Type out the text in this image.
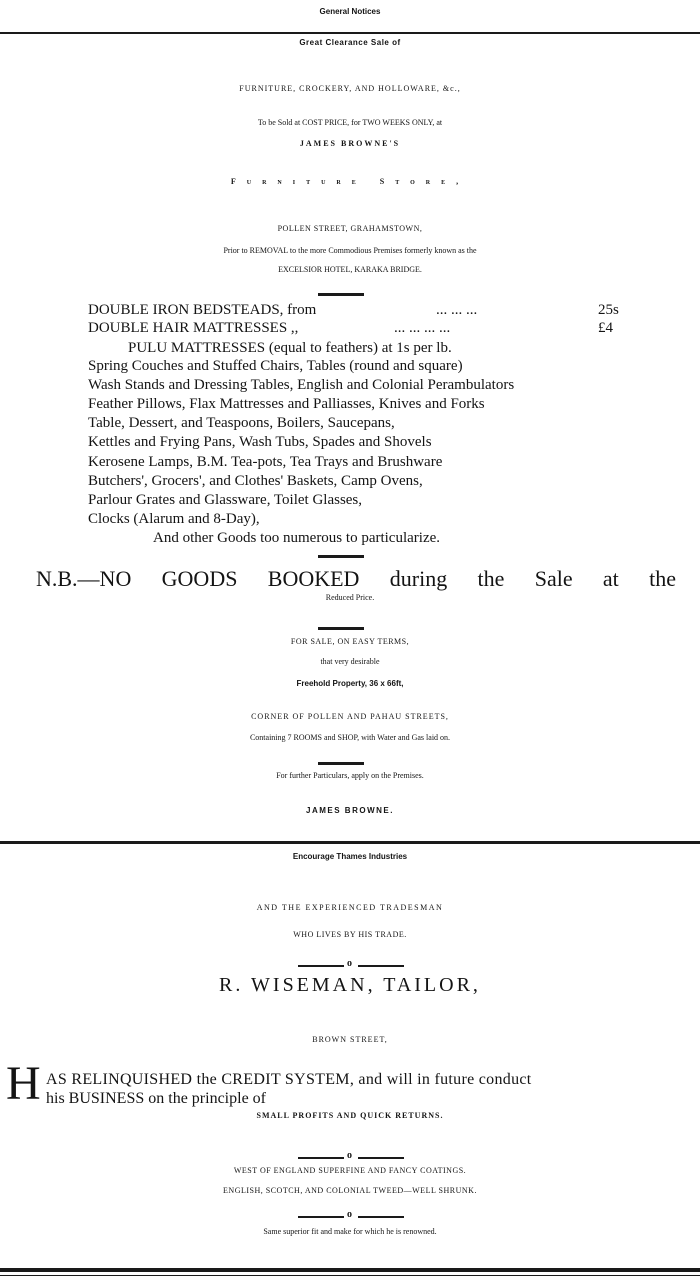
General Notices
Great Clearance Sale of
FURNITURE, CROCKERY, AND HOLLOWARE, &c.,
To be Sold at COST PRICE, for TWO WEEKS ONLY, at
JAMES BROWNE'S
Furniture Store,
POLLEN STREET, GRAHAMSTOWN,
Prior to REMOVAL to the more Commodious Premises formerly known as the
EXCELSIOR HOTEL, KARAKA BRIDGE.
DOUBLE IRON BEDSTEADS, from	... ... ...	25s
DOUBLE HAIR MATTRESSES ,,	... ... ... ...	£4
PULU MATTRESSES (equal to feathers) at 1s per lb.
Spring Couches and Stuffed Chairs, Tables (round and square)
Wash Stands and Dressing Tables, English and Colonial Perambulators
Feather Pillows, Flax Mattresses and Palliasses, Knives and Forks
Table, Dessert, and Teaspoons, Boilers, Saucepans,
Kettles and Frying Pans, Wash Tubs, Spades and Shovels
Kerosene Lamps, B.M. Tea-pots, Tea Trays and Brushware
Butchers', Grocers', and Clothes' Baskets, Camp Ovens,
Parlour Grates and Glassware, Toilet Glasses,
Clocks (Alarum and 8-Day),
And other Goods too numerous to particularize.
N.B.—NO GOODS BOOKED during the Sale at the
Reduced Price.
FOR SALE, ON EASY TERMS,
that very desirable
Freehold Property, 36 x 66ft,
CORNER OF POLLEN AND PAHAU STREETS,
Containing 7 ROOMS and SHOP, with Water and Gas laid on.
For further Particulars, apply on the Premises.
JAMES BROWNE.
Encourage Thames Industries
AND THE EXPERIENCED TRADESMAN
WHO LIVES BY HIS TRADE.
o
R. WISEMAN, TAILOR,
BROWN STREET,
H AS RELINQUISHED the CREDIT SYSTEM, and will in future conduct
his BUSINESS on the principle of
SMALL PROFITS AND QUICK RETURNS.
o
WEST OF ENGLAND SUPERFINE AND FANCY COATINGS.
ENGLISH, SCOTCH, AND COLONIAL TWEED—WELL SHRUNK.
o
Same superior fit and make for which he is renowned.
